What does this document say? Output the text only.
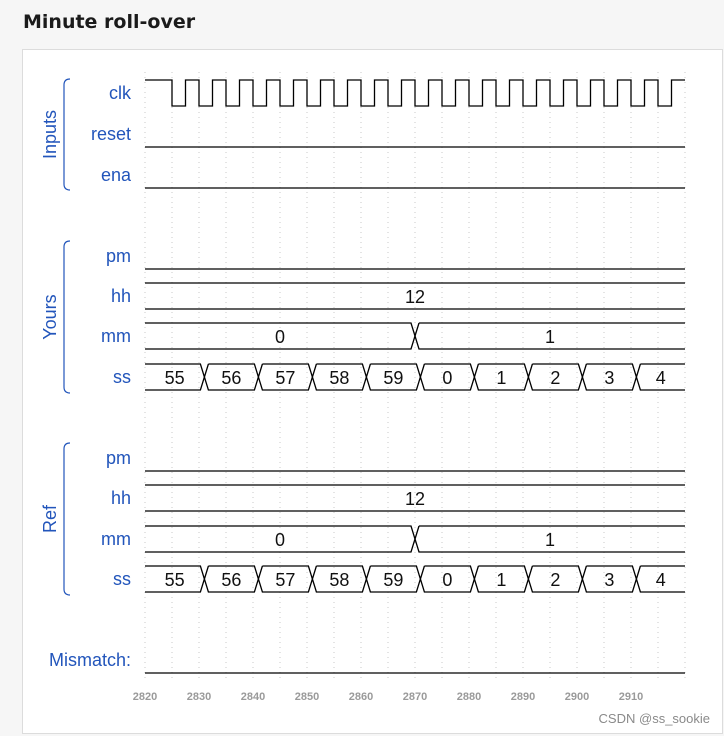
Minute roll-over
Inputs
clk
reset
ena
Yours
pm
hh
mm
ss
Ref
pm
hh
mm
ss
Mismatch:
12
0	1
55 56 57 58 59 0 1 2 3 4
12
0	1
55 56 57 58 59 0 1 2 3 4
2820	2830	2840	2850	2860	2870	2880	2890	2900	2910
CSDN @ss_sookie
